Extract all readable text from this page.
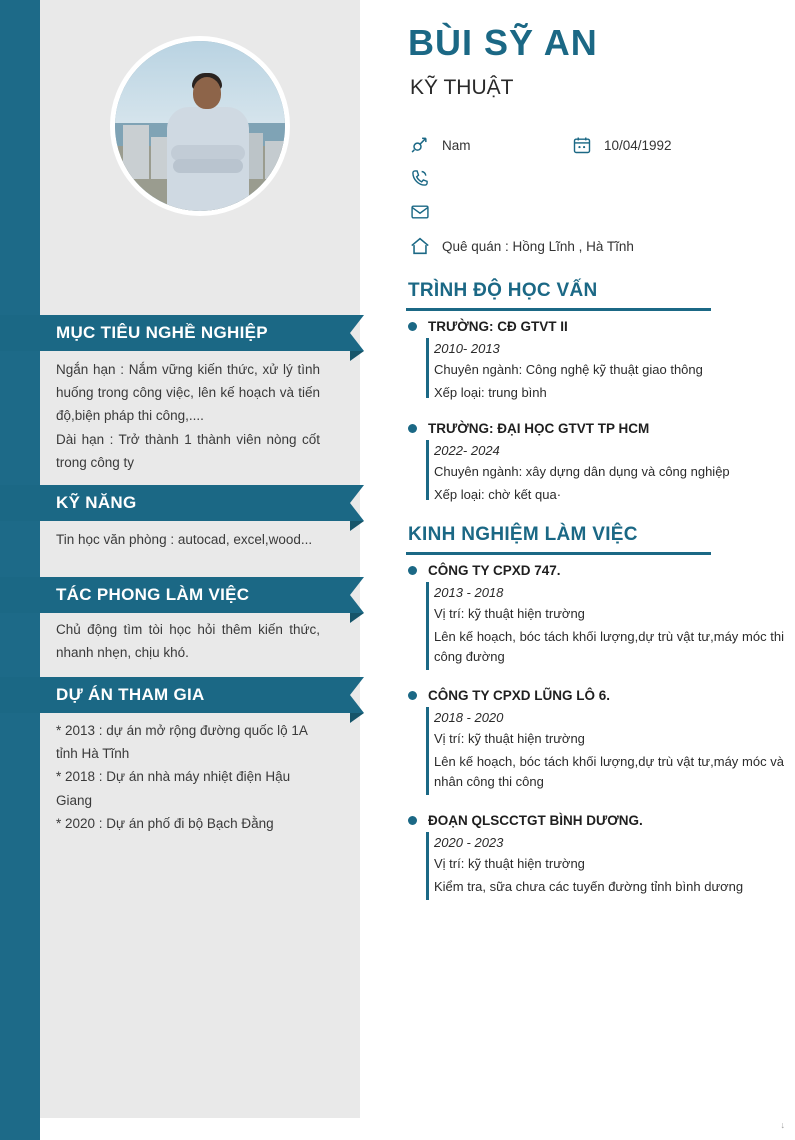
MỤC TIÊU NGHỀ NGHIỆP

Ngắn hạn : Nắm vững kiến thức, xử lý tình huống trong công việc, lên kế hoạch và tiến độ,biện pháp thi công,....

Dài hạn : Trở thành 1 thành viên nòng cốt trong công ty

KỸ NĂNG

Tin học văn phòng : autocad, excel,wood...

TÁC PHONG LÀM VIỆC

Chủ động tìm tòi học hỏi thêm kiến thức, nhanh nhẹn, chịu khó.

DỰ ÁN THAM GIA

* 2013 : dự án mở rộng đường quốc lộ 1A tỉnh Hà Tĩnh

* 2018 : Dự án nhà máy nhiệt điện Hậu Giang

* 2020 : Dự án phố đi bộ Bạch Đằng

BÙI SỸ AN
KỸ THUẬT
Nam	10/04/1992
Quê quán : Hồng Lĩnh , Hà Tĩnh
TRÌNH ĐỘ HỌC VẤN
TRƯỜNG: CĐ GTVT II
2010- 2013
Chuyên ngành: Công nghệ kỹ thuật giao thông
Xếp loại: trung bình
TRƯỜNG: ĐẠI HỌC GTVT TP HCM
2022- 2024
Chuyên ngành: xây dựng dân dụng và công nghiệp
Xếp loại: chờ kết qua·
KINH NGHIỆM LÀM VIỆC
CÔNG TY CPXD 747.
2013 - 2018
Vị trí: kỹ thuật hiện trường
Lên kế hoạch, bóc tách khối lượng,dự trù vật tư,máy móc thi công đường
CÔNG TY CPXD LŨNG LÔ 6.
2018 - 2020
Vị trí: kỹ thuật hiện trường
Lên kế hoạch, bóc tách khối lượng,dự trù vật tư,máy móc và nhân công thi công
ĐOẠN QLSCCTGT BÌNH DƯƠNG.
2020 - 2023
Vị trí: kỹ thuật hiện trường
Kiểm tra, sữa chưa các tuyến đường tỉnh bình dương
↓
